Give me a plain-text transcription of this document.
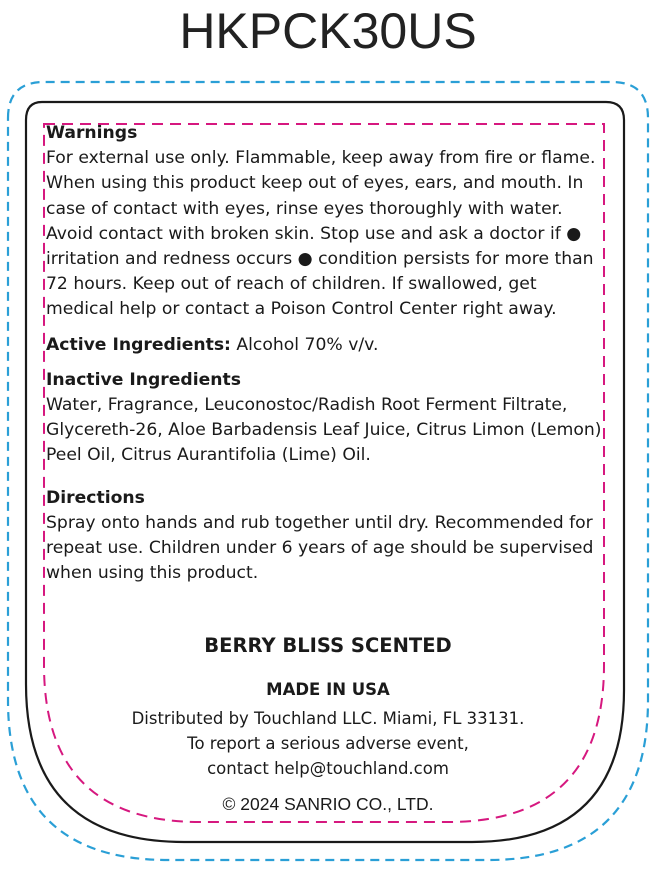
HKPCK30US

Warnings

For external use only. Flammable, keep away from fire or flame. When using this product keep out of eyes, ears, and mouth. In case of contact with eyes, rinse eyes thoroughly with water. Avoid contact with broken skin. Stop use and ask a doctor if ● irritation and redness occurs ● condition persists for more than 72 hours. Keep out of reach of children. If swallowed, get medical help or contact a Poison Control Center right away.

Active Ingredients: Alcohol 70% v/v.

Inactive Ingredients

Water, Fragrance, Leuconostoc/Radish Root Ferment Filtrate, Glycereth-26, Aloe Barbadensis Leaf Juice, Citrus Limon (Lemon) Peel Oil, Citrus Aurantifolia (Lime) Oil.

Directions

Spray onto hands and rub together until dry. Recommended for repeat use. Children under 6 years of age should be supervised when using this product.

BERRY BLISS SCENTED
MADE IN USA
Distributed by Touchland LLC. Miami, FL 33131.
To report a serious adverse event,
contact help@touchland.com
© 2024 SANRIO CO., LTD.
